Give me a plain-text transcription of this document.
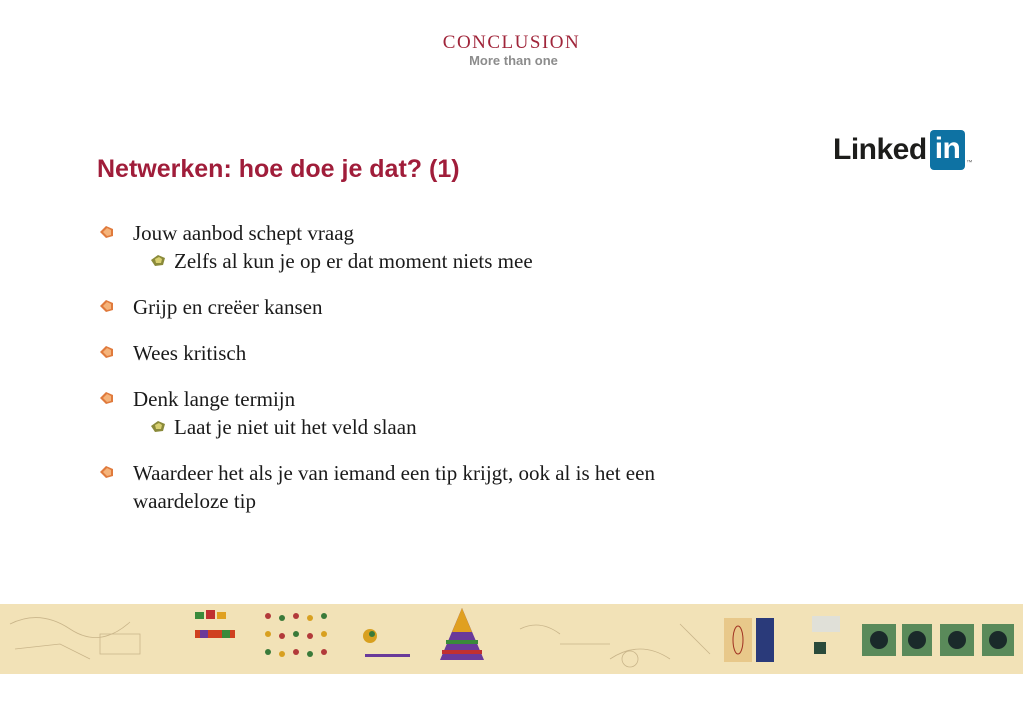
CONCLUSION
More than one
Linked in	™
Netwerken: hoe doe je dat? (1)
Jouw aanbod schept vraag
Zelfs al kun je op er dat moment niets mee
Grijp en creëer kansen
Wees kritisch
Denk lange termijn
Laat je niet uit het veld slaan
Waardeer het als je van iemand een tip krijgt, ook al is het een waardeloze tip
